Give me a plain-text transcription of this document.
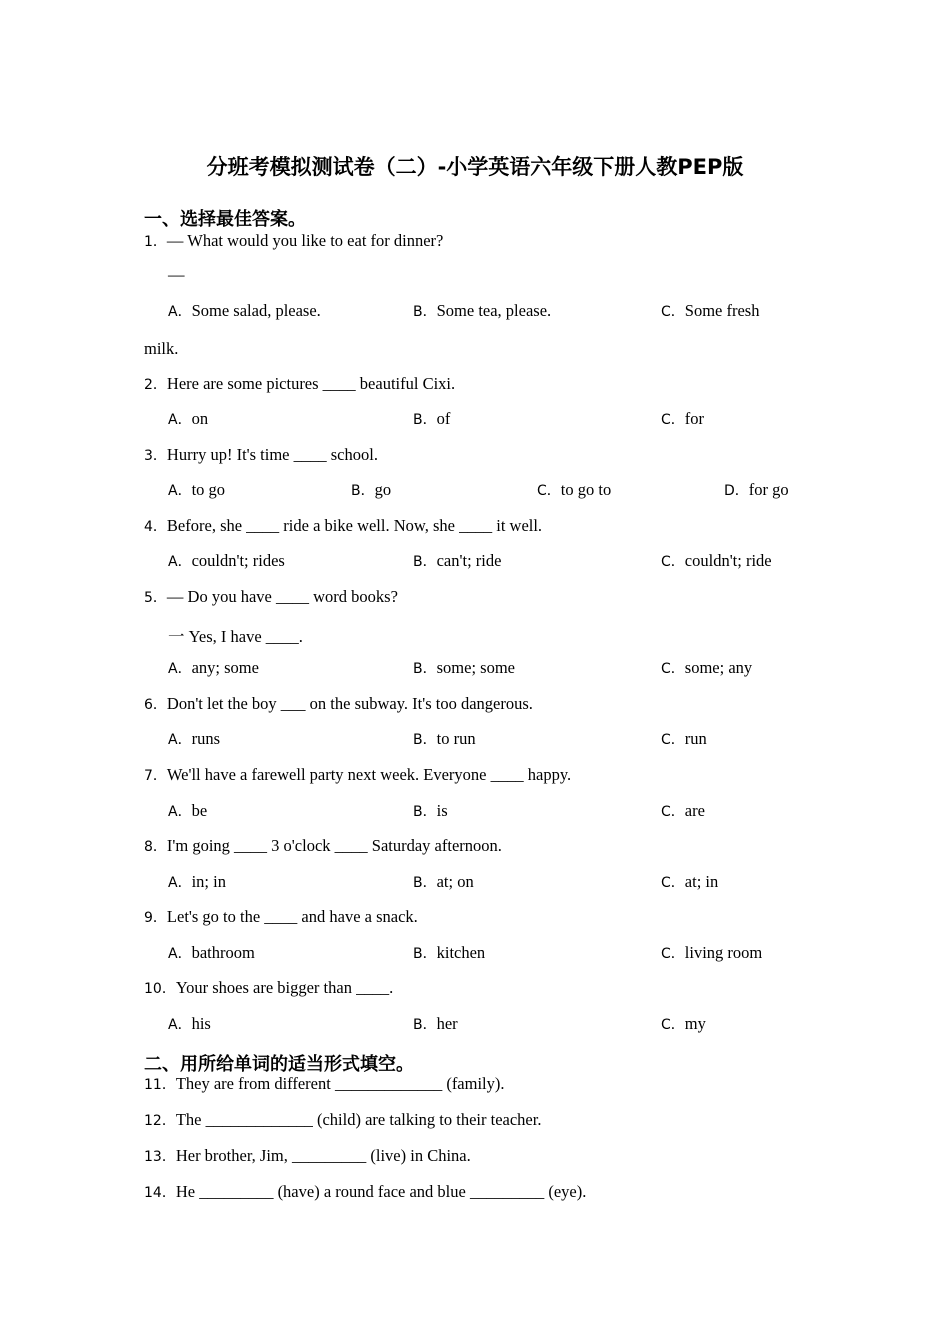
分班考模拟测试卷（二）-小学英语六年级下册人教PEP版
一、选择最佳答案。
1．— What would you like to eat for dinner?
—
A．Some salad, please.	B．Some tea, please.	C．Some fresh
milk.
2．Here are some pictures ____ beautiful Cixi.
A．on	B．of	C．for
3．Hurry up! It's time ____ school.
A．to go	B．go	C．to go to	D．for go
4．Before, she ____ ride a bike well. Now, she ____ it well.
A．couldn't; rides	B．can't; ride	C．couldn't; ride
5．— Do you have ____ word books?
一 Yes, I have ____.
A．any; some	B．some; some	C．some; any
6．Don't let the boy ___ on the subway. It's too dangerous.
A．runs	B．to run	C．run
7．We'll have a farewell party next week. Everyone ____ happy.
A．be	B．is	C．are
8．I'm going ____ 3 o'clock ____ Saturday afternoon.
A．in; in	B．at; on	C．at; in
9．Let's go to the ____ and have a snack.
A．bathroom	B．kitchen	C．living room
10．Your shoes are bigger than ____.
A．his	B．her	C．my
二、用所给单词的适当形式填空。
11．They are from different _____________ (family).
12．The _____________ (child) are talking to their teacher.
13．Her brother, Jim, _________ (live) in China.
14．He _________ (have) a round face and blue _________ (eye).
